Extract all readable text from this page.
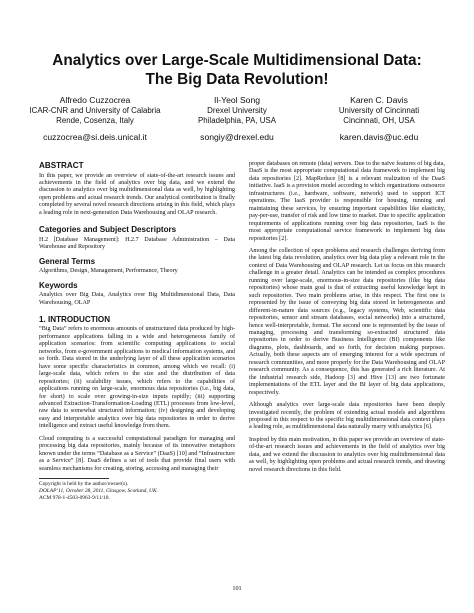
Analytics over Large-Scale Multidimensional Data:
The Big Data Revolution!
Alfredo Cuzzocrea
ICAR-CNR and University of Calabria
Rende, Cosenza, Italy
cuzzocrea@si.deis.unical.it
Il-Yeol Song
Drexel University
Philadelphia, PA, USA
songiy@drexel.edu
Karen C. Davis
University of Cincinnati
Cincinnati, OH, USA
karen.davis@uc.edu
ABSTRACT

In this paper, we provide an overview of state-of-the-art research issues and achievements in the field of analytics over big data, and we extend the discussion to analytics over big multidimensional data as well, by highlighting open problems and actual research trends. Our analytical contribution is finally completed by several novel research directions arising in this field, which plays a leading role in next-generation Data Warehousing and OLAP research.

Categories and Subject Descriptors

H.2 [Database Management]: H.2.7 Database Administration – Data Warehouse and Repository

General Terms

Algorithms, Design, Management, Performance, Theory

Keywords

Analytics over Big Data, Analytics over Big Multidimensional Data, Data Warehousing, OLAP

1. INTRODUCTION

“Big Data” refers to enormous amounts of unstructured data produced by high-performance applications falling in a wide and heterogeneous family of application scenarios: from scientific computing applications to social networks, from e-government applications to medical information systems, and so forth. Data stored in the underlying layer of all these application scenarios have some specific characteristics in common, among which we recall: (i) large-scale data, which refers to the size and the distribution of data repositories; (ii) scalability issues, which refers to the capabilities of applications running on large-scale, enormous data repositories (i.e., big data, for short) to scale over growing-in-size inputs rapidly; (iii) supporting advanced Extraction-Transformation-Loading (ETL) processes from low-level, raw data to somewhat structured information; (iv) designing and developing easy and interpretable analytics over big data repositories in order to derive intelligence and extract useful knowledge from them.

Cloud computing is a successful computational paradigm for managing and processing big data repositories, mainly because of its innovative metaphors known under the terms “Database as a Service” (DaaS) [10] and “Infrastructure as a Service” [8]. DaaS defines a set of tools that provide final users with seamless mechanisms for creating, storing, accessing and managing their

Copyright is held by the author/owner(s).
DOLAP’11, October 28, 2011, Glasgow, Scotland, UK.
ACM 978-1-4503-0963-9/11/10.

proper databases on remote (data) servers. Due to the naïve features of big data, DaaS is the most appropriate computational data framework to implement big data repositories [2]. MapReduce [8] is a relevant realization of the DaaS initiative. IaaS is a provision model according to which organizations outsource infrastructures (i.e., hardware, software, network) used to support ICT operations. The IaaS provider is responsible for housing, running and maintaining these services, by ensuring important capabilities like elasticity, pay-per-use, transfer of risk and low time to market. Due to specific application requirements of applications running over big data repositories, IaaS is the most appropriate computational service framework to implement big data repositories [2].

Among the collection of open problems and research challenges deriving from the latest big data revolution, analytics over big data play a relevant role in the context of Data Warehousing and OLAP research. Let us focus on this research challenge in a greater detail. Analytics can be intended as complex procedures running over large-scale, enormous-in-size data repositories (like big data repositories) whose main goal is that of extracting useful knowledge kept in such repositories. Two main problems arise, in this respect. The first one is represented by the issue of conveying big data stored in heterogeneous and different-in-nature data sources (e.g., legacy systems, Web, scientific data repositories, sensor and stream databases, social networks) into a structured, hence well-interpretable, format. The second one is represented by the issue of managing, processing and transforming so-extracted structured data repositories in order to derive Business Intelligence (BI) components like diagrams, plots, dashboards, and so forth, for decision making purposes. Actually, both these aspects are of emerging interest for a wide spectrum of research communities, and more properly for the Data Warehousing and OLAP research community. As a consequence, this has generated a rich literature. At the industrial research side, Hadoop [3] and Hive [13] are two fortunate implementations of the ETL layer and the BI layer of big data applications, respectively.

Although analytics over large-scale data repositories have been deeply investigated recently, the problem of extending actual models and algorithms proposed in this respect to the specific big multidimensional data context plays a leading role, as multidimensional data naturally marry with analytics [6].

Inspired by this main motivation, in this paper we provide an overview of state-of-the-art research issues and achievements in the field of analytics over big data, and we extend the discussion to analytics over big multidimensional data as well, by highlighting open problems and actual research trends, and drawing novel research directions in this field.

101
